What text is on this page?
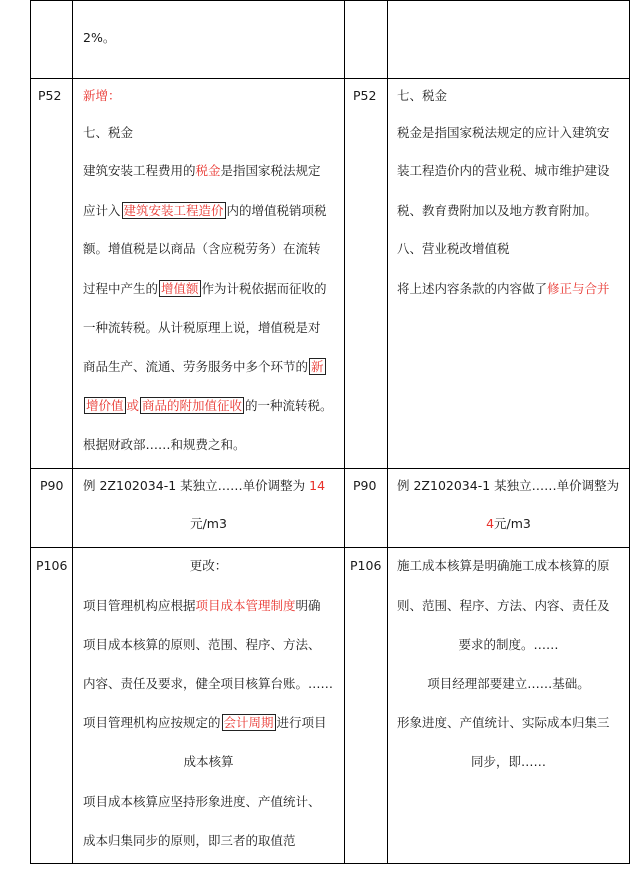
2%。
P52 新增：
七、税金
建筑安装工程费用的税金是指国家税法规定
应计入 建筑安装工程造价 内的增值税销项税
额。增值税是以商品（含应税劳务）在流转
过程中产生的 增值额 作为计税依据而征收的
一种流转税。从计税原理上说，增值税是对
商品生产、流通、劳务服务中多个环节的 新
增价值 或 商品的附加值征收 的一种流转税。
根据财政部……和规费之和。
P52 七、税金
税金是指国家税法规定的应计入建筑安
装工程造价内的营业税、城市维护建设
税、教育费附加以及地方教育附加。
八、营业税改增值税
将上述内容条款的内容做了修正与合并
P90 例 2Z102034-1 某独立……单价调整为 14
元/m3
P90 例 2Z102034-1 某独立……单价调整为
4元/m3
P106	更改：
项目管理机构应根据项目成本管理制度明确
项目成本核算的原则、范围、程序、方法、
内容、责任及要求，健全项目核算台账。……
项目管理机构应按规定的 会计周期 进行项目
成本核算
项目成本核算应坚持形象进度、产值统计、
成本归集同步的原则，即三者的取值范
P106 施工成本核算是明确施工成本核算的原
则、范围、程序、方法、内容、责任及
要求的制度。……
项目经理部要建立……基础。
形象进度、产值统计、实际成本归集三
同步，即……
